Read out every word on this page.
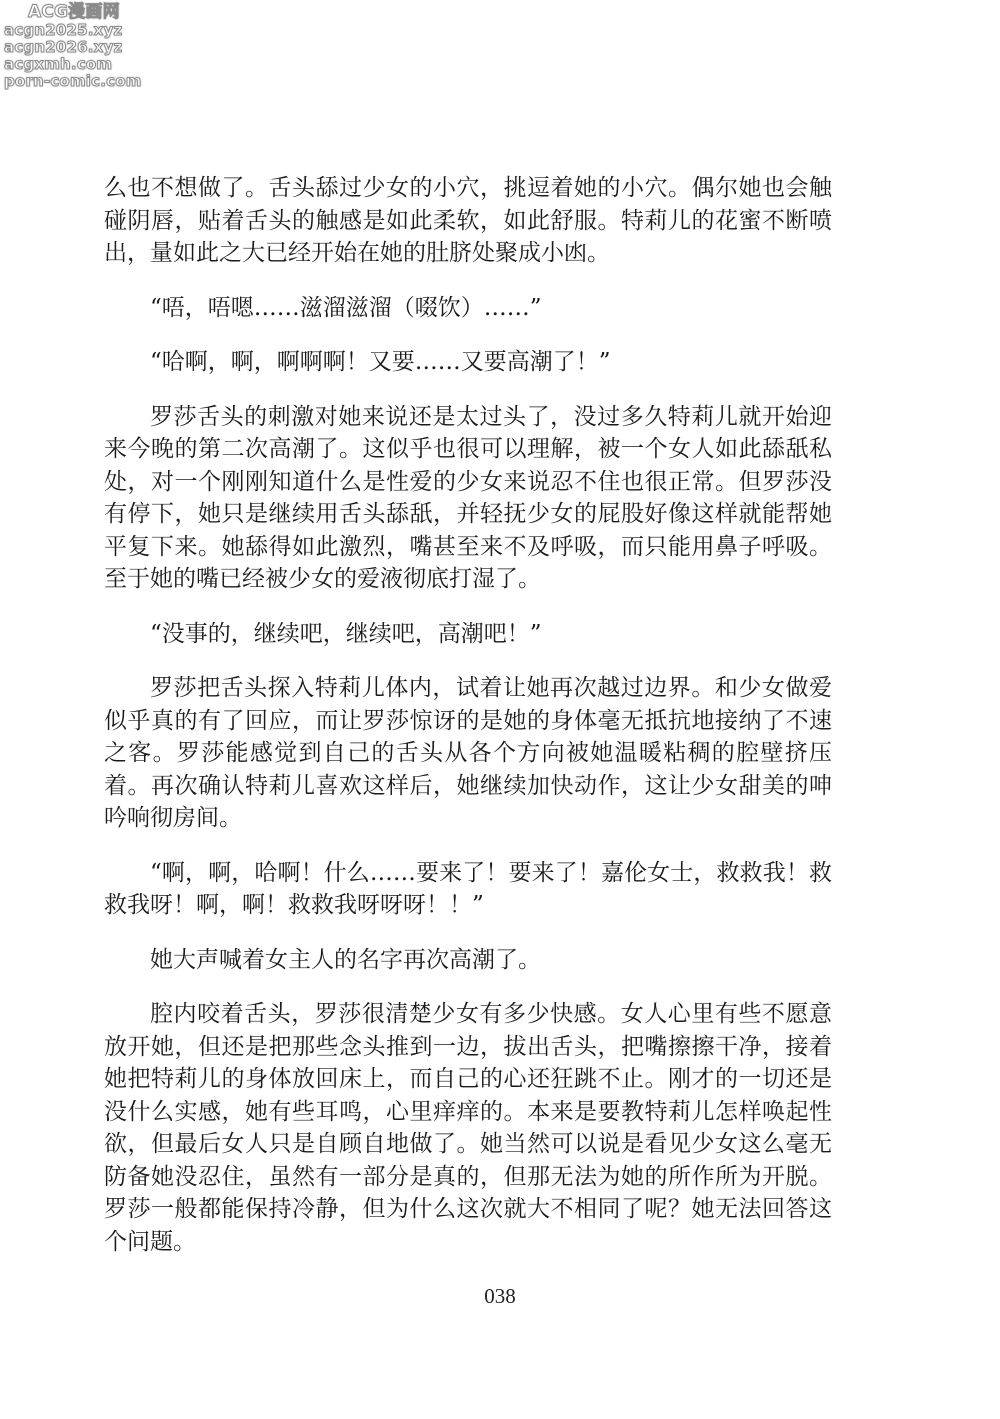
ACG漫画网
acgn2025.xyz
acgn2026.xyz
acgxmh.com
porn-comic.com

么也不想做了。舌头舔过少女的小穴，挑逗着她的小穴。偶尔她也会触碰阴唇，贴着舌头的触感是如此柔软，如此舒服。特莉儿的花蜜不断喷出，量如此之大已经开始在她的肚脐处聚成小凼。

“唔，唔嗯……滋溜滋溜（啜饮）……”

“哈啊，啊，啊啊啊！又要……又要高潮了！”

罗莎舌头的刺激对她来说还是太过头了，没过多久特莉儿就开始迎来今晚的第二次高潮了。这似乎也很可以理解，被一个女人如此舔舐私处，对一个刚刚知道什么是性爱的少女来说忍不住也很正常。但罗莎没有停下，她只是继续用舌头舔舐，并轻抚少女的屁股好像这样就能帮她平复下来。她舔得如此激烈，嘴甚至来不及呼吸，而只能用鼻子呼吸。至于她的嘴已经被少女的爱液彻底打湿了。

“没事的，继续吧，继续吧，高潮吧！”

罗莎把舌头探入特莉儿体内，试着让她再次越过边界。和少女做爱似乎真的有了回应，而让罗莎惊讶的是她的身体毫无抵抗地接纳了不速之客。罗莎能感觉到自己的舌头从各个方向被她温暖粘稠的腔壁挤压着。再次确认特莉儿喜欢这样后，她继续加快动作，这让少女甜美的呻吟响彻房间。

“啊，啊，哈啊！什么……要来了！要来了！嘉伦女士，救救我！救救我呀！啊，啊！救救我呀呀呀！！”

她大声喊着女主人的名字再次高潮了。

腔内咬着舌头，罗莎很清楚少女有多少快感。女人心里有些不愿意放开她，但还是把那些念头推到一边，拔出舌头，把嘴擦擦干净，接着她把特莉儿的身体放回床上，而自己的心还狂跳不止。刚才的一切还是没什么实感，她有些耳鸣，心里痒痒的。本来是要教特莉儿怎样唤起性欲，但最后女人只是自顾自地做了。她当然可以说是看见少女这么毫无防备她没忍住，虽然有一部分是真的，但那无法为她的所作所为开脱。罗莎一般都能保持冷静，但为什么这次就大不相同了呢？她无法回答这个问题。

038
